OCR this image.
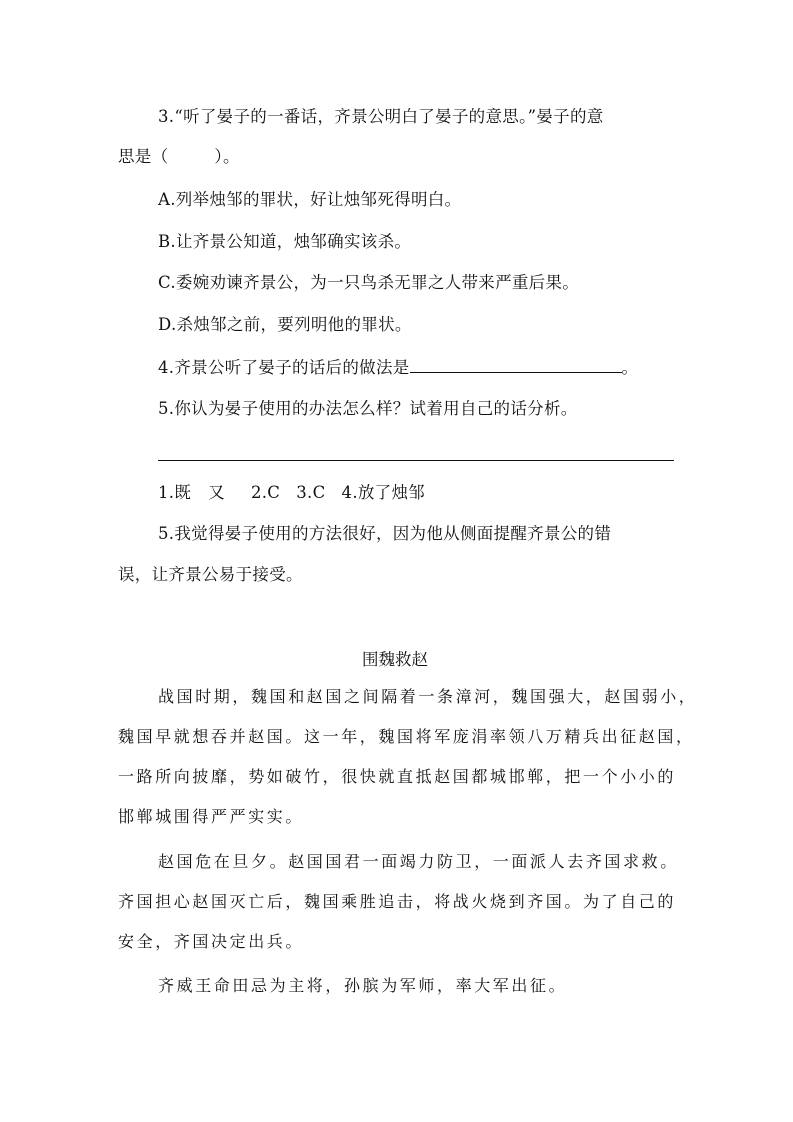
3.“听了晏子的一番话，齐景公明白了晏子的意思。”晏子的意
思是（	）。
A.列举烛邹的罪状，好让烛邹死得明白。
B.让齐景公知道，烛邹确实该杀。
C.委婉劝谏齐景公，为一只鸟杀无罪之人带来严重后果。
D.杀烛邹之前，要列明他的罪状。
4.齐景公听了晏子的话后的做法是	。
5.你认为晏子使用的办法怎么样？试着用自己的话分析。
1.既 又 2.C 3.C 4.放了烛邹
5.我觉得晏子使用的方法很好，因为他从侧面提醒齐景公的错
误，让齐景公易于接受。
围魏救赵
战国时期，魏国和赵国之间隔着一条漳河，魏国强大，赵国弱小，
魏国早就想吞并赵国。这一年，魏国将军庞涓率领八万精兵出征赵国，
一路所向披靡，势如破竹，很快就直抵赵国都城邯郸，把一个小小的
邯郸城围得严严实实。
赵国危在旦夕。赵国国君一面竭力防卫，一面派人去齐国求救。
齐国担心赵国灭亡后，魏国乘胜追击，将战火烧到齐国。为了自己的
安全，齐国决定出兵。
齐威王命田忌为主将，孙膑为军师，率大军出征。
